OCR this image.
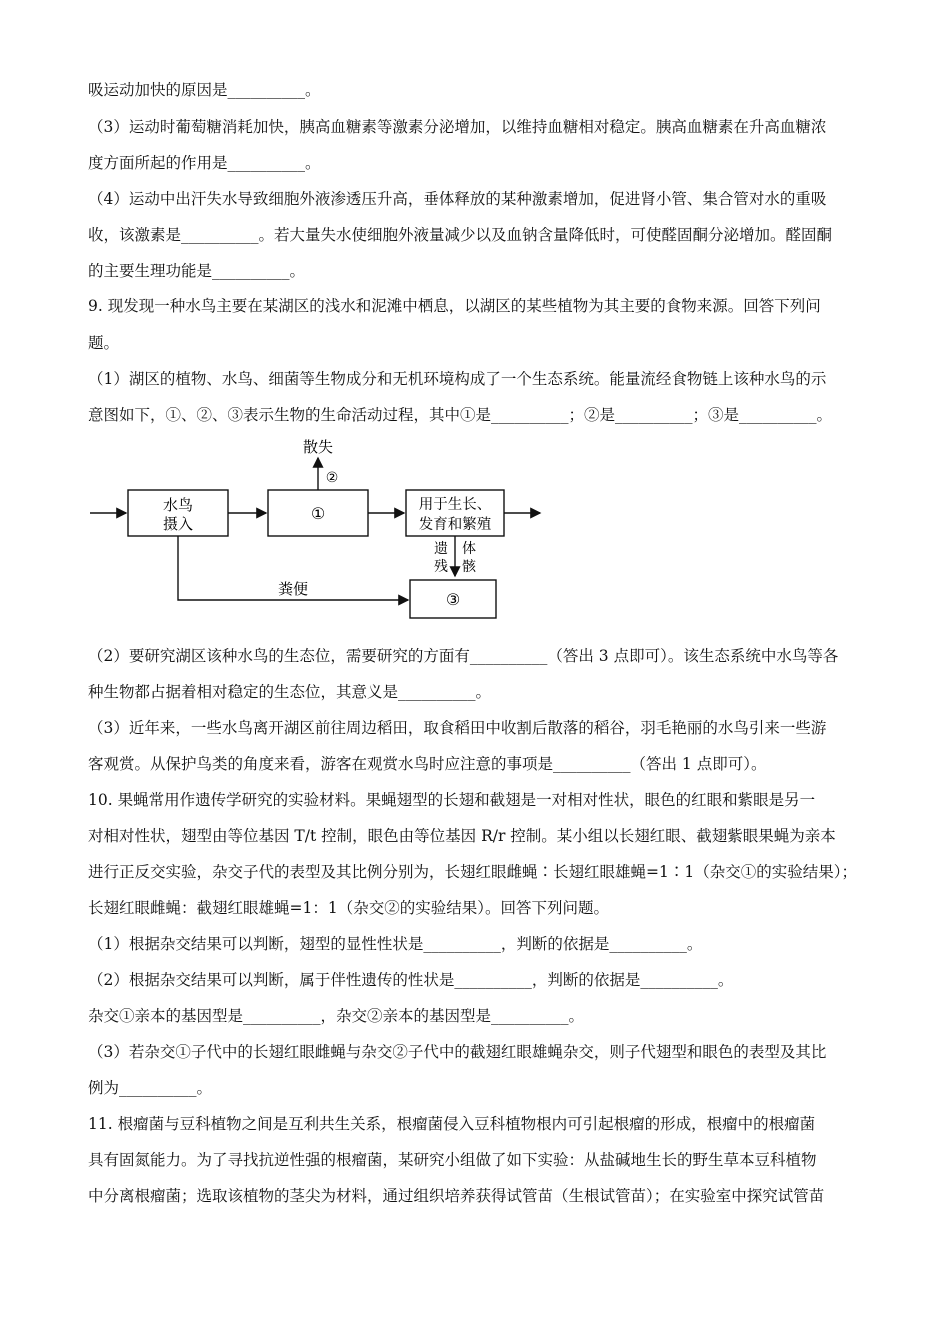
吸运动加快的原因是__________。
（3）运动时葡萄糖消耗加快，胰高血糖素等激素分泌增加，以维持血糖相对稳定。胰高血糖素在升高血糖浓
度方面所起的作用是__________。
（4）运动中出汗失水导致细胞外液渗透压升高，垂体释放的某种激素增加，促进肾小管、集合管对水的重吸
收，该激素是__________。若大量失水使细胞外液量减少以及血钠含量降低时，可使醛固酮分泌增加。醛固酮
的主要生理功能是__________。
9. 现发现一种水鸟主要在某湖区的浅水和泥滩中栖息，以湖区的某些植物为其主要的食物来源。回答下列问
题。
（1）湖区的植物、水鸟、细菌等生物成分和无机环境构成了一个生态系统。能量流经食物链上该种水鸟的示
意图如下，①、②、③表示生物的生命活动过程，其中①是__________；②是__________；③是__________。
水鸟
摄入
①
散失
②
用于生长、
发育和繁殖
遗
残
体
骸
③
粪便
（2）要研究湖区该种水鸟的生态位，需要研究的方面有__________（答出 3 点即可）。该生态系统中水鸟等各
种生物都占据着相对稳定的生态位，其意义是__________。
（3）近年来，一些水鸟离开湖区前往周边稻田，取食稻田中收割后散落的稻谷，羽毛艳丽的水鸟引来一些游
客观赏。从保护鸟类的角度来看，游客在观赏水鸟时应注意的事项是__________（答出 1 点即可）。
10. 果蝇常用作遗传学研究的实验材料。果蝇翅型的长翅和截翅是一对相对性状，眼色的红眼和紫眼是另一
对相对性状，翅型由等位基因 T/t 控制，眼色由等位基因 R/r 控制。某小组以长翅红眼、截翅紫眼果蝇为亲本
进行正反交实验，杂交子代的表型及其比例分别为，长翅红眼雌蝇∶长翅红眼雄蝇=1∶1（杂交①的实验结果）；
长翅红眼雌蝇：截翅红眼雄蝇=1：1（杂交②的实验结果）。回答下列问题。
（1）根据杂交结果可以判断，翅型的显性性状是__________，判断的依据是__________。
（2）根据杂交结果可以判断，属于伴性遗传的性状是__________，判断的依据是__________。
杂交①亲本的基因型是__________，杂交②亲本的基因型是__________。
（3）若杂交①子代中的长翅红眼雌蝇与杂交②子代中的截翅红眼雄蝇杂交，则子代翅型和眼色的表型及其比
例为__________。
11. 根瘤菌与豆科植物之间是互利共生关系，根瘤菌侵入豆科植物根内可引起根瘤的形成，根瘤中的根瘤菌
具有固氮能力。为了寻找抗逆性强的根瘤菌，某研究小组做了如下实验：从盐碱地生长的野生草本豆科植物
中分离根瘤菌；选取该植物的茎尖为材料，通过组织培养获得试管苗（生根试管苗）；在实验室中探究试管苗
